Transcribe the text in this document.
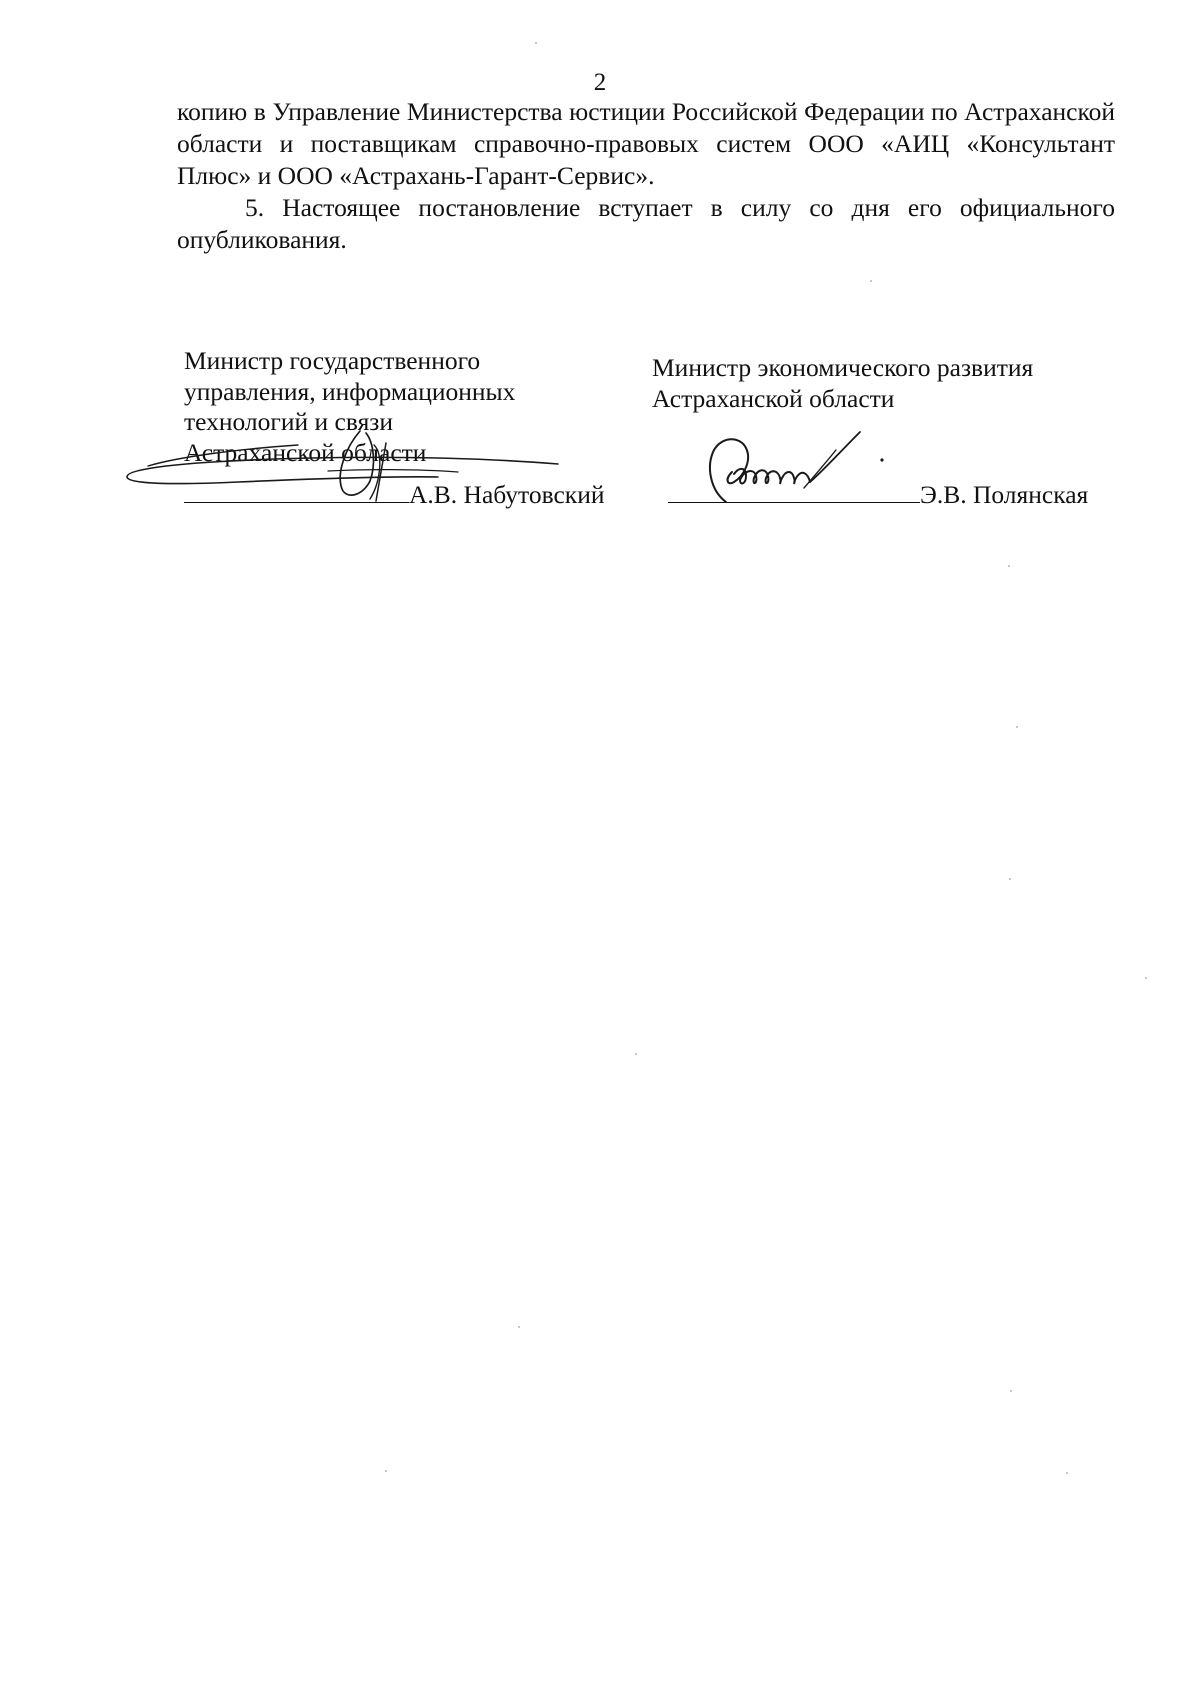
2

копию в Управление Министерства юстиции Российской Федерации по Астраханской области и поставщикам справочно-правовых систем ООО «АИЦ «Консультант Плюс» и ООО «Астрахань-Гарант-Сервис».

5. Настоящее постановление вступает в силу со дня его официального опубликования.

Министр государственного
управления, информационных
технологий и связи
Астраханской области
Министр экономического развития
Астраханской области
А.В. Набутовский	Э.В. Полянская
